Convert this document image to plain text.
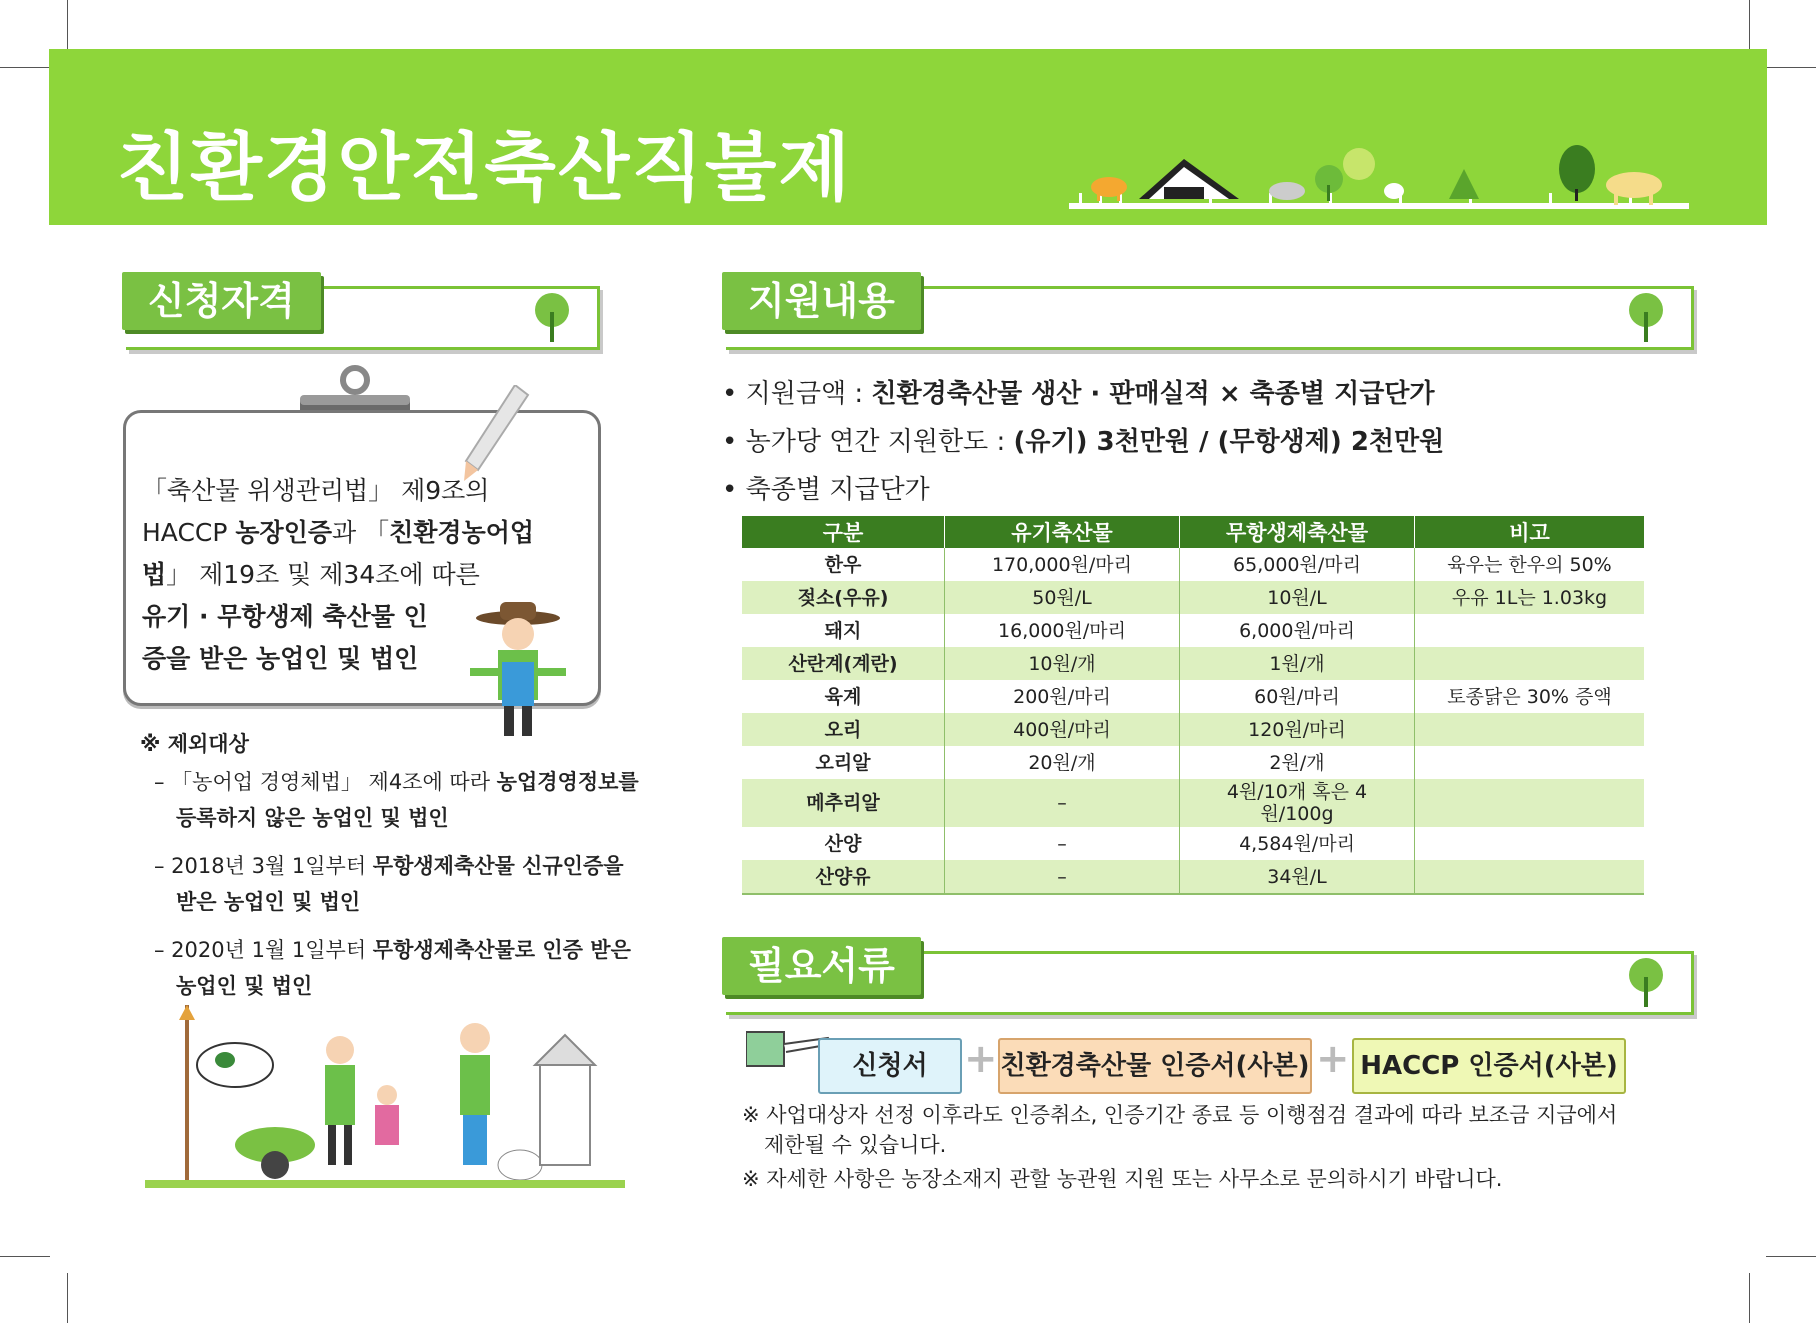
친환경안전축산직불제
신청자격
「축산물 위생관리법」 제9조의 HACCP 농장인증과 「친환경농어업법」 제19조 및 제34조에 따른 유기 · 무항생제 축산물 인증을 받은 농업인 및 법인
※ 제외대상
– 「농어업 경영체법」 제4조에 따라 농업경영정보를 등록하지 않은 농업인 및 법인
– 2018년 3월 1일부터 무항생제축산물 신규인증을 받은 농업인 및 법인
– 2020년 1월 1일부터 무항생제축산물로 인증 받은 농업인 및 법인
지원내용
• 지원금액 : 친환경축산물 생산 · 판매실적 × 축종별 지급단가
• 농가당 연간 지원한도 : (유기) 3천만원 / (무항생제) 2천만원
• 축종별 지급단가
구분	유기축산물	무항생제축산물	비고
한우	170,000원/마리	65,000원/마리	육우는 한우의 50%
젖소(우유)	50원/L	10원/L	우유 1L는 1.03kg
돼지	16,000원/마리	6,000원/마리	
산란계(계란)	10원/개	1원/개	
육계	200원/마리	60원/마리	토종닭은 30% 증액
오리	400원/마리	120원/마리	
오리알	20원/개	2원/개	
메추리알	–	4원/10개 혹은 4원/100g	
산양	–	4,584원/마리	
산양유	–	34원/L	
필요서류
신청서 + 친환경축산물 인증서(사본) + HACCP 인증서(사본)
※ 사업대상자 선정 이후라도 인증취소, 인증기간 종료 등 이행점검 결과에 따라 보조금 지급에서 제한될 수 있습니다.
※ 자세한 사항은 농장소재지 관할 농관원 지원 또는 사무소로 문의하시기 바랍니다.
